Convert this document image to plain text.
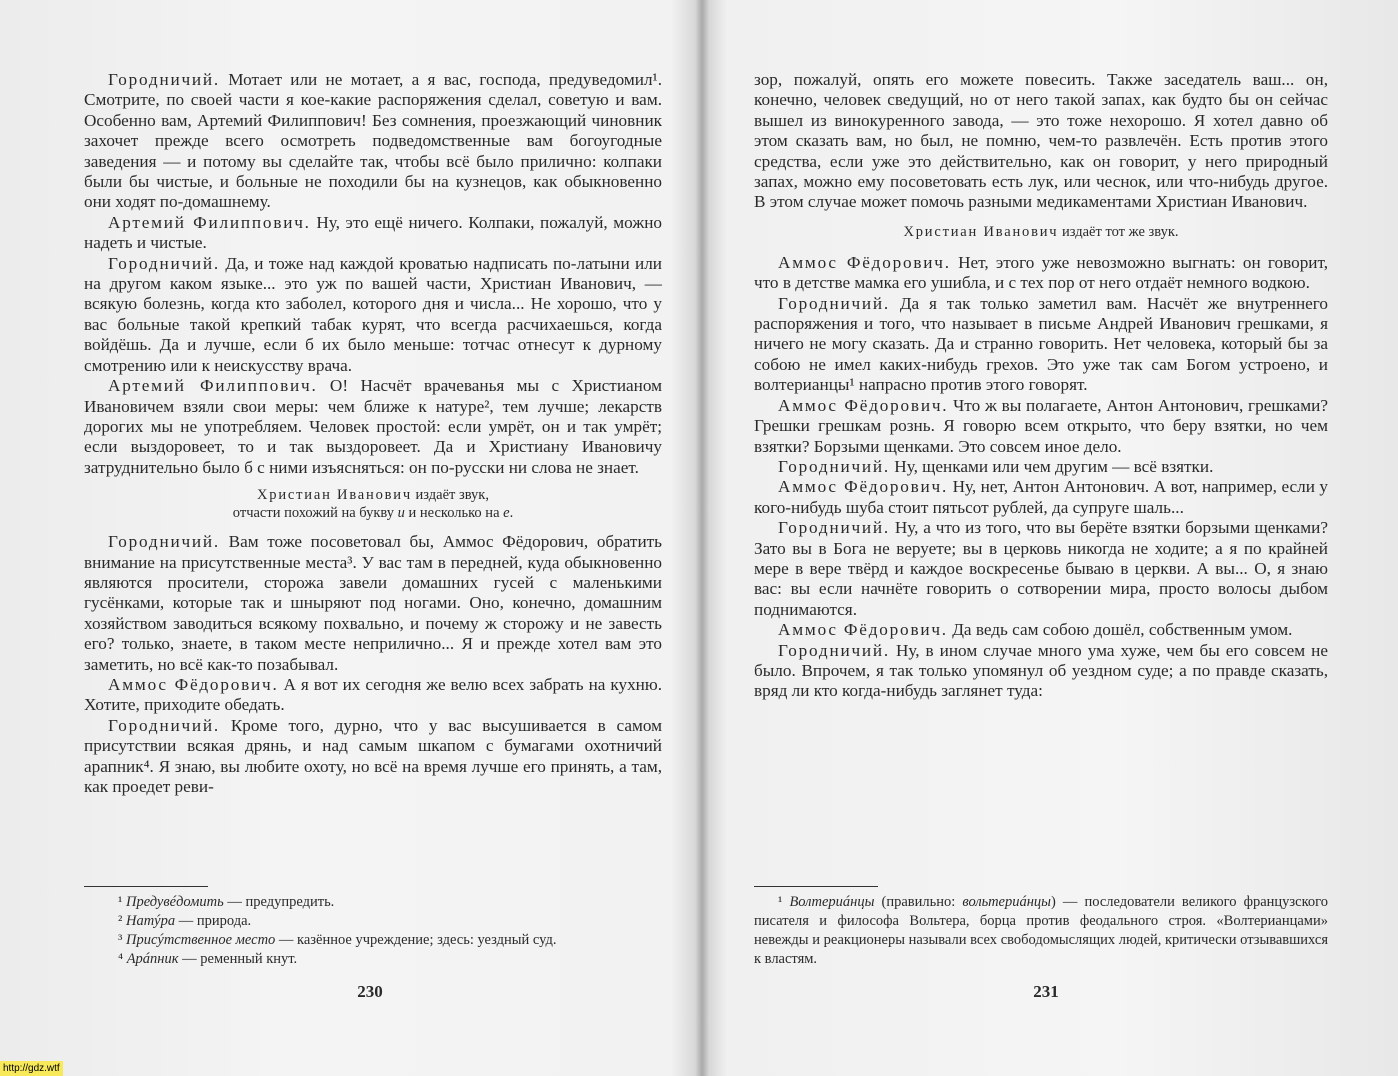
Городничий. Мотает или не мотает, а я вас, господа, предуведомил¹. Смотрите, по своей части я кое-какие распоряжения сделал, советую и вам. Особенно вам, Артемий Филиппович! Без сомнения, проезжающий чиновник захочет прежде всего осмотреть подведомственные вам богоугодные заведения — и потому вы сделайте так, чтобы всё было прилично: колпаки были бы чистые, и больные не походили бы на кузнецов, как обыкновенно они ходят по-домашнему.

Артемий Филиппович. Ну, это ещё ничего. Колпаки, пожалуй, можно надеть и чистые.

Городничий. Да, и тоже над каждой кроватью надписать по-латыни или на другом каком языке... это уж по вашей части, Христиан Иванович, — всякую болезнь, когда кто заболел, которого дня и числа... Не хорошо, что у вас больные такой крепкий табак курят, что всегда расчихаешься, когда войдёшь. Да и лучше, если б их было меньше: тотчас отнесут к дурному смотрению или к неискусству врача.

Артемий Филиппович. О! Насчёт врачеванья мы с Христианом Ивановичем взяли свои меры: чем ближе к натуре², тем лучше; лекарств дорогих мы не употребляем. Человек простой: если умрёт, он и так умрёт; если выздоровеет, то и так выздоровеет. Да и Христиану Ивановичу затруднительно было б с ними изъясняться: он по-русски ни слова не знает.

Христиан Иванович издаёт звук,
отчасти похожий на букву и и несколько на е.

Городничий. Вам тоже посоветовал бы, Аммос Фёдорович, обратить внимание на присутственные места³. У вас там в передней, куда обыкновенно являются просители, сторожа завели домашних гусей с маленькими гусёнками, которые так и шныряют под ногами. Оно, конечно, домашним хозяйством заводиться всякому похвально, и почему ж сторожу и не завесть его? только, знаете, в таком месте неприлично... Я и прежде хотел вам это заметить, но всё как-то позабывал.

Аммос Фёдорович. А я вот их сегодня же велю всех забрать на кухню. Хотите, приходите обедать.

Городничий. Кроме того, дурно, что у вас высушивается в самом присутствии всякая дрянь, и над самым шкапом с бумагами охотничий арапник⁴. Я знаю, вы любите охоту, но всё на время лучше его принять, а там, как проедет реви-

¹ Предувéдомить — предупредить.

² Натýра — природа.

³ Присýтственное место — казённое учреждение; здесь: уездный суд.

⁴ Арáпник — ременный кнут.

230

зор, пожалуй, опять его можете повесить. Также заседатель ваш... он, конечно, человек сведущий, но от него такой запах, как будто бы он сейчас вышел из винокуренного завода, — это тоже нехорошо. Я хотел давно об этом сказать вам, но был, не помню, чем-то развлечён. Есть против этого средства, если уже это действительно, как он говорит, у него природный запах, можно ему посоветовать есть лук, или чеснок, или что-нибудь другое. В этом случае может помочь разными медикаментами Христиан Иванович.

Христиан Иванович издаёт тот же звук.

Аммос Фёдорович. Нет, этого уже невозможно выгнать: он говорит, что в детстве мамка его ушибла, и с тех пор от него отдаёт немного водкою.

Городничий. Да я так только заметил вам. Насчёт же внутреннего распоряжения и того, что называет в письме Андрей Иванович грешками, я ничего не могу сказать. Да и странно говорить. Нет человека, который бы за собою не имел каких-нибудь грехов. Это уже так сам Богом устроено, и волтерианцы¹ напрасно против этого говорят.

Аммос Фёдорович. Что ж вы полагаете, Антон Антонович, грешками? Грешки грешкам рознь. Я говорю всем открыто, что беру взятки, но чем взятки? Борзыми щенками. Это совсем иное дело.

Городничий. Ну, щенками или чем другим — всё взятки.

Аммос Фёдорович. Ну, нет, Антон Антонович. А вот, например, если у кого-нибудь шуба стоит пятьсот рублей, да супруге шаль...

Городничий. Ну, а что из того, что вы берёте взятки борзыми щенками? Зато вы в Бога не веруете; вы в церковь никогда не ходите; а я по крайней мере в вере твёрд и каждое воскресенье бываю в церкви. А вы... О, я знаю вас: вы если начнёте говорить о сотворении мира, просто волосы дыбом поднимаются.

Аммос Фёдорович. Да ведь сам собою дошёл, собственным умом.

Городничий. Ну, в ином случае много ума хуже, чем бы его совсем не было. Впрочем, я так только упомянул об уездном суде; а по правде сказать, вряд ли кто когда-нибудь заглянет туда:

¹ Волтериáнцы (правильно: вольтериáнцы) — последователи великого французского писателя и философа Вольтера, борца против феодального строя. «Волтерианцами» невежды и реакционеры называли всех свободомыслящих людей, критически отзывавшихся к властям.

231
http://gdz.wtf
